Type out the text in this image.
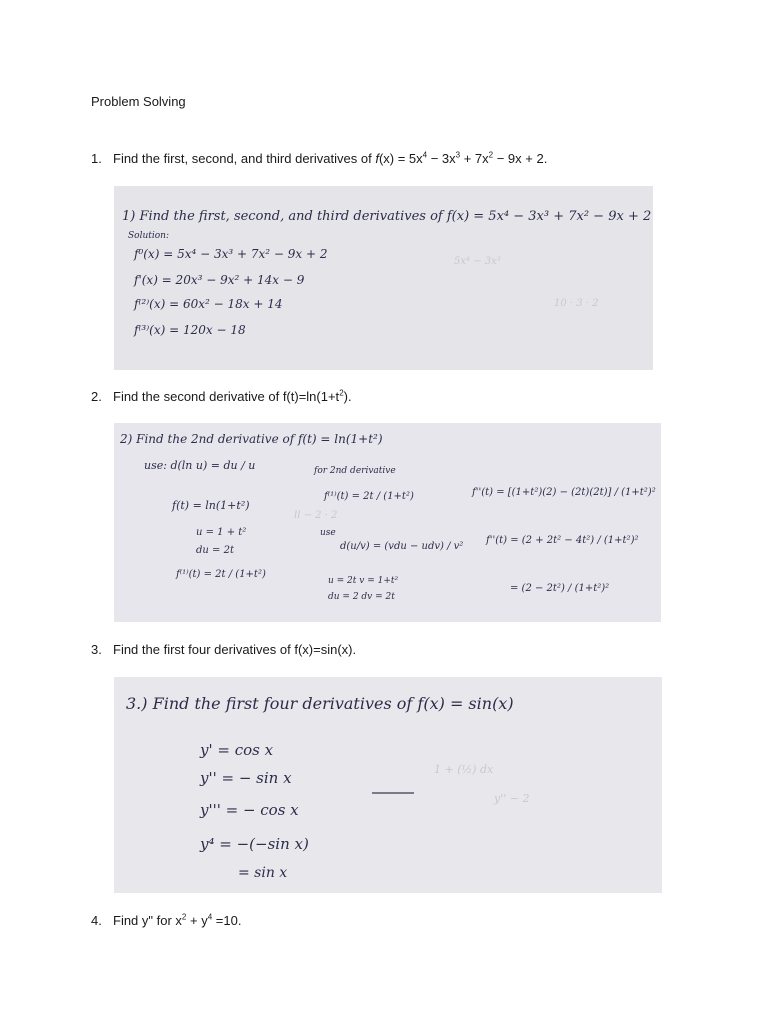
Problem Solving
1. Find the first, second, and third derivatives of $f(x) = 5x^4 - 3x^3 + 7x^2 - 9x + 2$.
5x⁴ − 3x³
10 · 3 · 2
1) Find the first, second, and third derivatives of f(x) = 5x⁴ − 3x³ + 7x² − 9x + 2
Solution:
f⁰(x) = 5x⁴ − 3x³ + 7x² − 9x + 2
f'(x) = 20x³ − 9x² + 14x − 9
f⁽²⁾(x) = 60x² − 18x + 14
f⁽³⁾(x) = 120x − 18
2. Find the second derivative of $f(t)=\ln(1+t^2)$.
ll − 2 · 2
2) Find the 2nd derivative of f(t) = ln(1+t²)
use: d(ln u) = du / u
f(t) = ln(1+t²)
u = 1 + t²
du = 2t
f⁽¹⁾(t) = 2t / (1+t²)
for 2nd derivative
f⁽¹⁾(t) = 2t / (1+t²)
use
d(u/v) = (vdu − udv) / v²
u = 2t v = 1+t²
du = 2 dv = 2t
f''(t) = [(1+t²)(2) − (2t)(2t)] / (1+t²)²
f''(t) = (2 + 2t² − 4t²) / (1+t²)²
= (2 − 2t²) / (1+t²)²
3. Find the first four derivatives of f(x)=sin(x).
1 + (½) dx
y'' − 2
3.) Find the first four derivatives of f(x) = sin(x)
y' = cos x
y'' = − sin x
y''' = − cos x
y⁴ = −(−sin x)
= sin x
4. Find y" for $x^2 + y^4 =10$.
